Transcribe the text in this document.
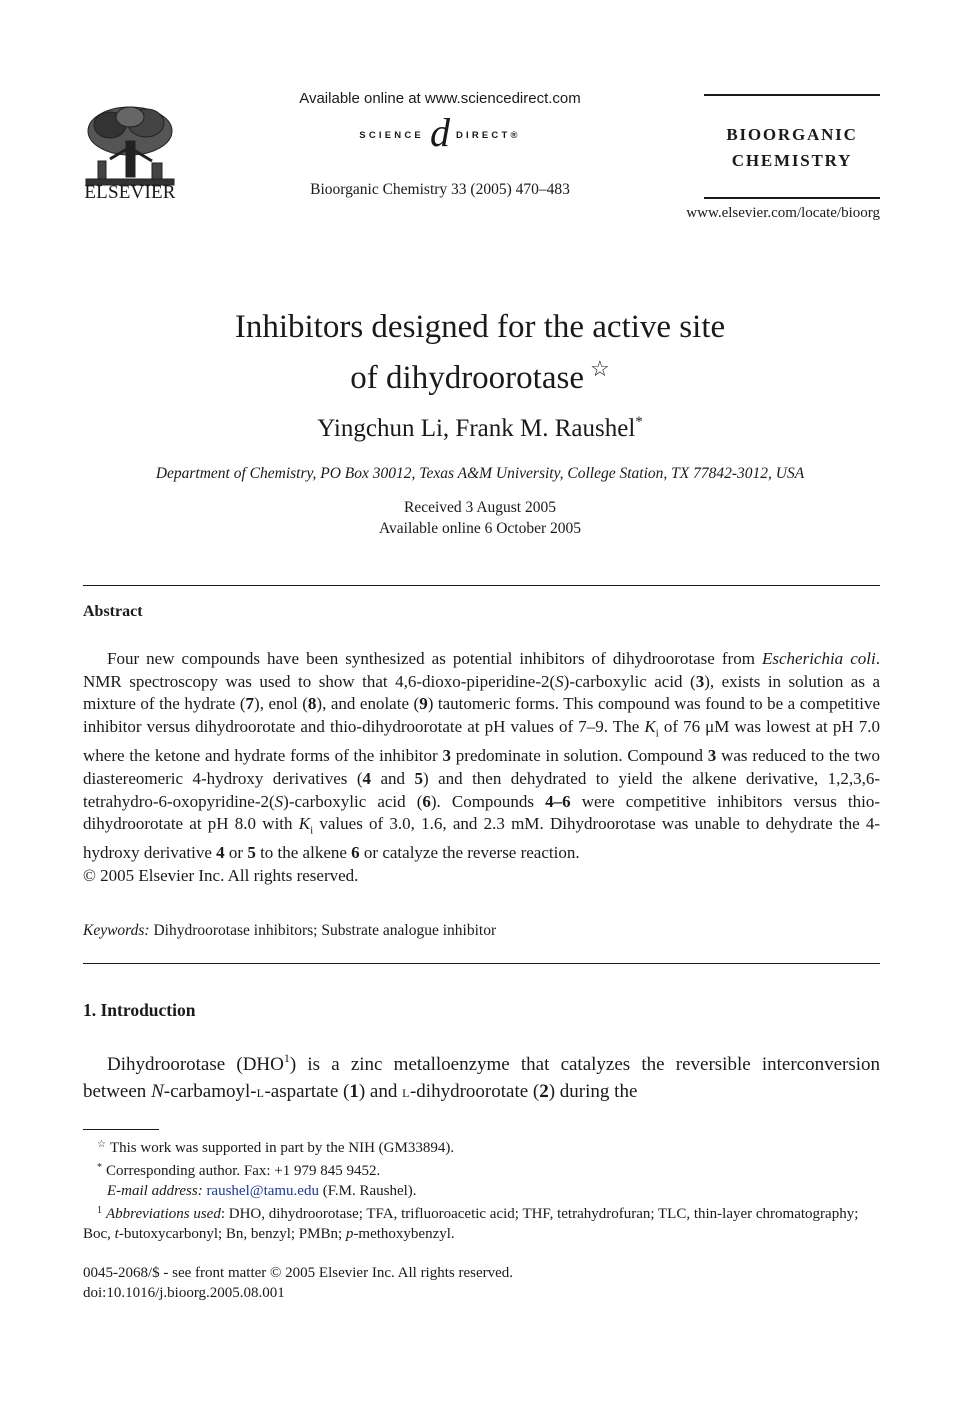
ELSEVIER
Available online at www.sciencedirect.com
SCIENCE d DIRECT®
Bioorganic Chemistry 33 (2005) 470–483
BIOORGANIC
CHEMISTRY
www.elsevier.com/locate/bioorg
Inhibitors designed for the active site
of dihydroorotase ☆
Yingchun Li, Frank M. Raushel*
Department of Chemistry, PO Box 30012, Texas A&M University, College Station, TX 77842-3012, USA
Received 3 August 2005
Available online 6 October 2005
Abstract
Four new compounds have been synthesized as potential inhibitors of dihydroorotase from Escherichia coli. NMR spectroscopy was used to show that 4,6-dioxo-piperidine-2(S)-carboxylic acid (3), exists in solution as a mixture of the hydrate (7), enol (8), and enolate (9) tautomeric forms. This compound was found to be a competitive inhibitor versus dihydroorotate and thio-dihydroorotate at pH values of 7–9. The $K_i$ of 76 μM was lowest at pH 7.0 where the ketone and hydrate forms of the inhibitor 3 predominate in solution. Compound 3 was reduced to the two diastereomeric 4-hydroxy derivatives (4 and 5) and then dehydrated to yield the alkene derivative, 1,2,3,6-tetrahydro-6-oxopyridine-2(S)-carboxylic acid (6). Compounds 4–6 were competitive inhibitors versus thio-dihydroorotate at pH 8.0 with $K_i$ values of 3.0, 1.6, and 2.3 mM. Dihydroorotase was unable to dehydrate the 4-hydroxy derivative 4 or 5 to the alkene 6 or catalyze the reverse reaction.
© 2005 Elsevier Inc. All rights reserved.
Keywords: Dihydroorotase inhibitors; Substrate analogue inhibitor
1. Introduction
Dihydroorotase (DHO$^1$) is a zinc metalloenzyme that catalyzes the reversible interconversion between N-carbamoyl-L-aspartate (1) and L-dihydroorotate (2) during the
☆ This work was supported in part by the NIH (GM33894).
* Corresponding author. Fax: +1 979 845 9452.
E-mail address: raushel@tamu.edu (F.M. Raushel).
$^1$ Abbreviations used: DHO, dihydroorotase; TFA, trifluoroacetic acid; THF, tetrahydrofuran; TLC, thin-layer chromatography; Boc, t-butoxycarbonyl; Bn, benzyl; PMBn; p-methoxybenzyl.
0045-2068/$ - see front matter © 2005 Elsevier Inc. All rights reserved.
doi:10.1016/j.bioorg.2005.08.001
